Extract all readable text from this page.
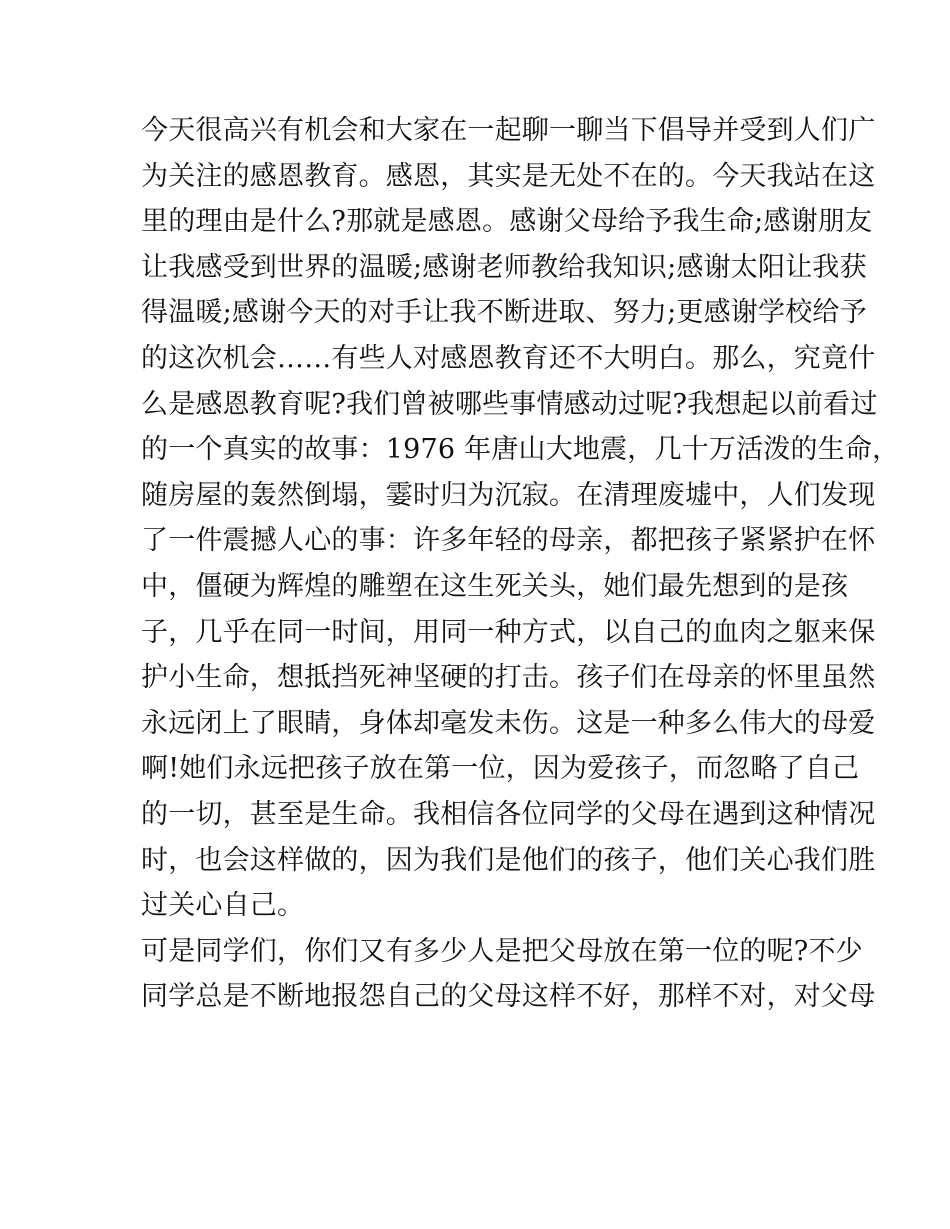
今天很高兴有机会和大家在一起聊一聊当下倡导并受到人们广
为关注的感恩教育。感恩，其实是无处不在的。今天我站在这
里的理由是什么?那就是感恩。感谢父母给予我生命;感谢朋友
让我感受到世界的温暖;感谢老师教给我知识;感谢太阳让我获
得温暖;感谢今天的对手让我不断进取、努力;更感谢学校给予
的这次机会……有些人对感恩教育还不大明白。那么，究竟什
么是感恩教育呢?我们曾被哪些事情感动过呢?我想起以前看过
的一个真实的故事：1976 年唐山大地震，几十万活泼的生命，
随房屋的轰然倒塌，霎时归为沉寂。在清理废墟中，人们发现
了一件震撼人心的事：许多年轻的母亲，都把孩子紧紧护在怀
中，僵硬为辉煌的雕塑在这生死关头，她们最先想到的是孩
子，几乎在同一时间，用同一种方式，以自己的血肉之躯来保
护小生命，想抵挡死神坚硬的打击。孩子们在母亲的怀里虽然
永远闭上了眼睛，身体却毫发未伤。这是一种多么伟大的母爱
啊!她们永远把孩子放在第一位，因为爱孩子，而忽略了自己
的一切，甚至是生命。我相信各位同学的父母在遇到这种情况
时，也会这样做的，因为我们是他们的孩子，他们关心我们胜
过关心自己。
可是同学们，你们又有多少人是把父母放在第一位的呢?不少
同学总是不断地报怨自己的父母这样不好，那样不对，对父母
